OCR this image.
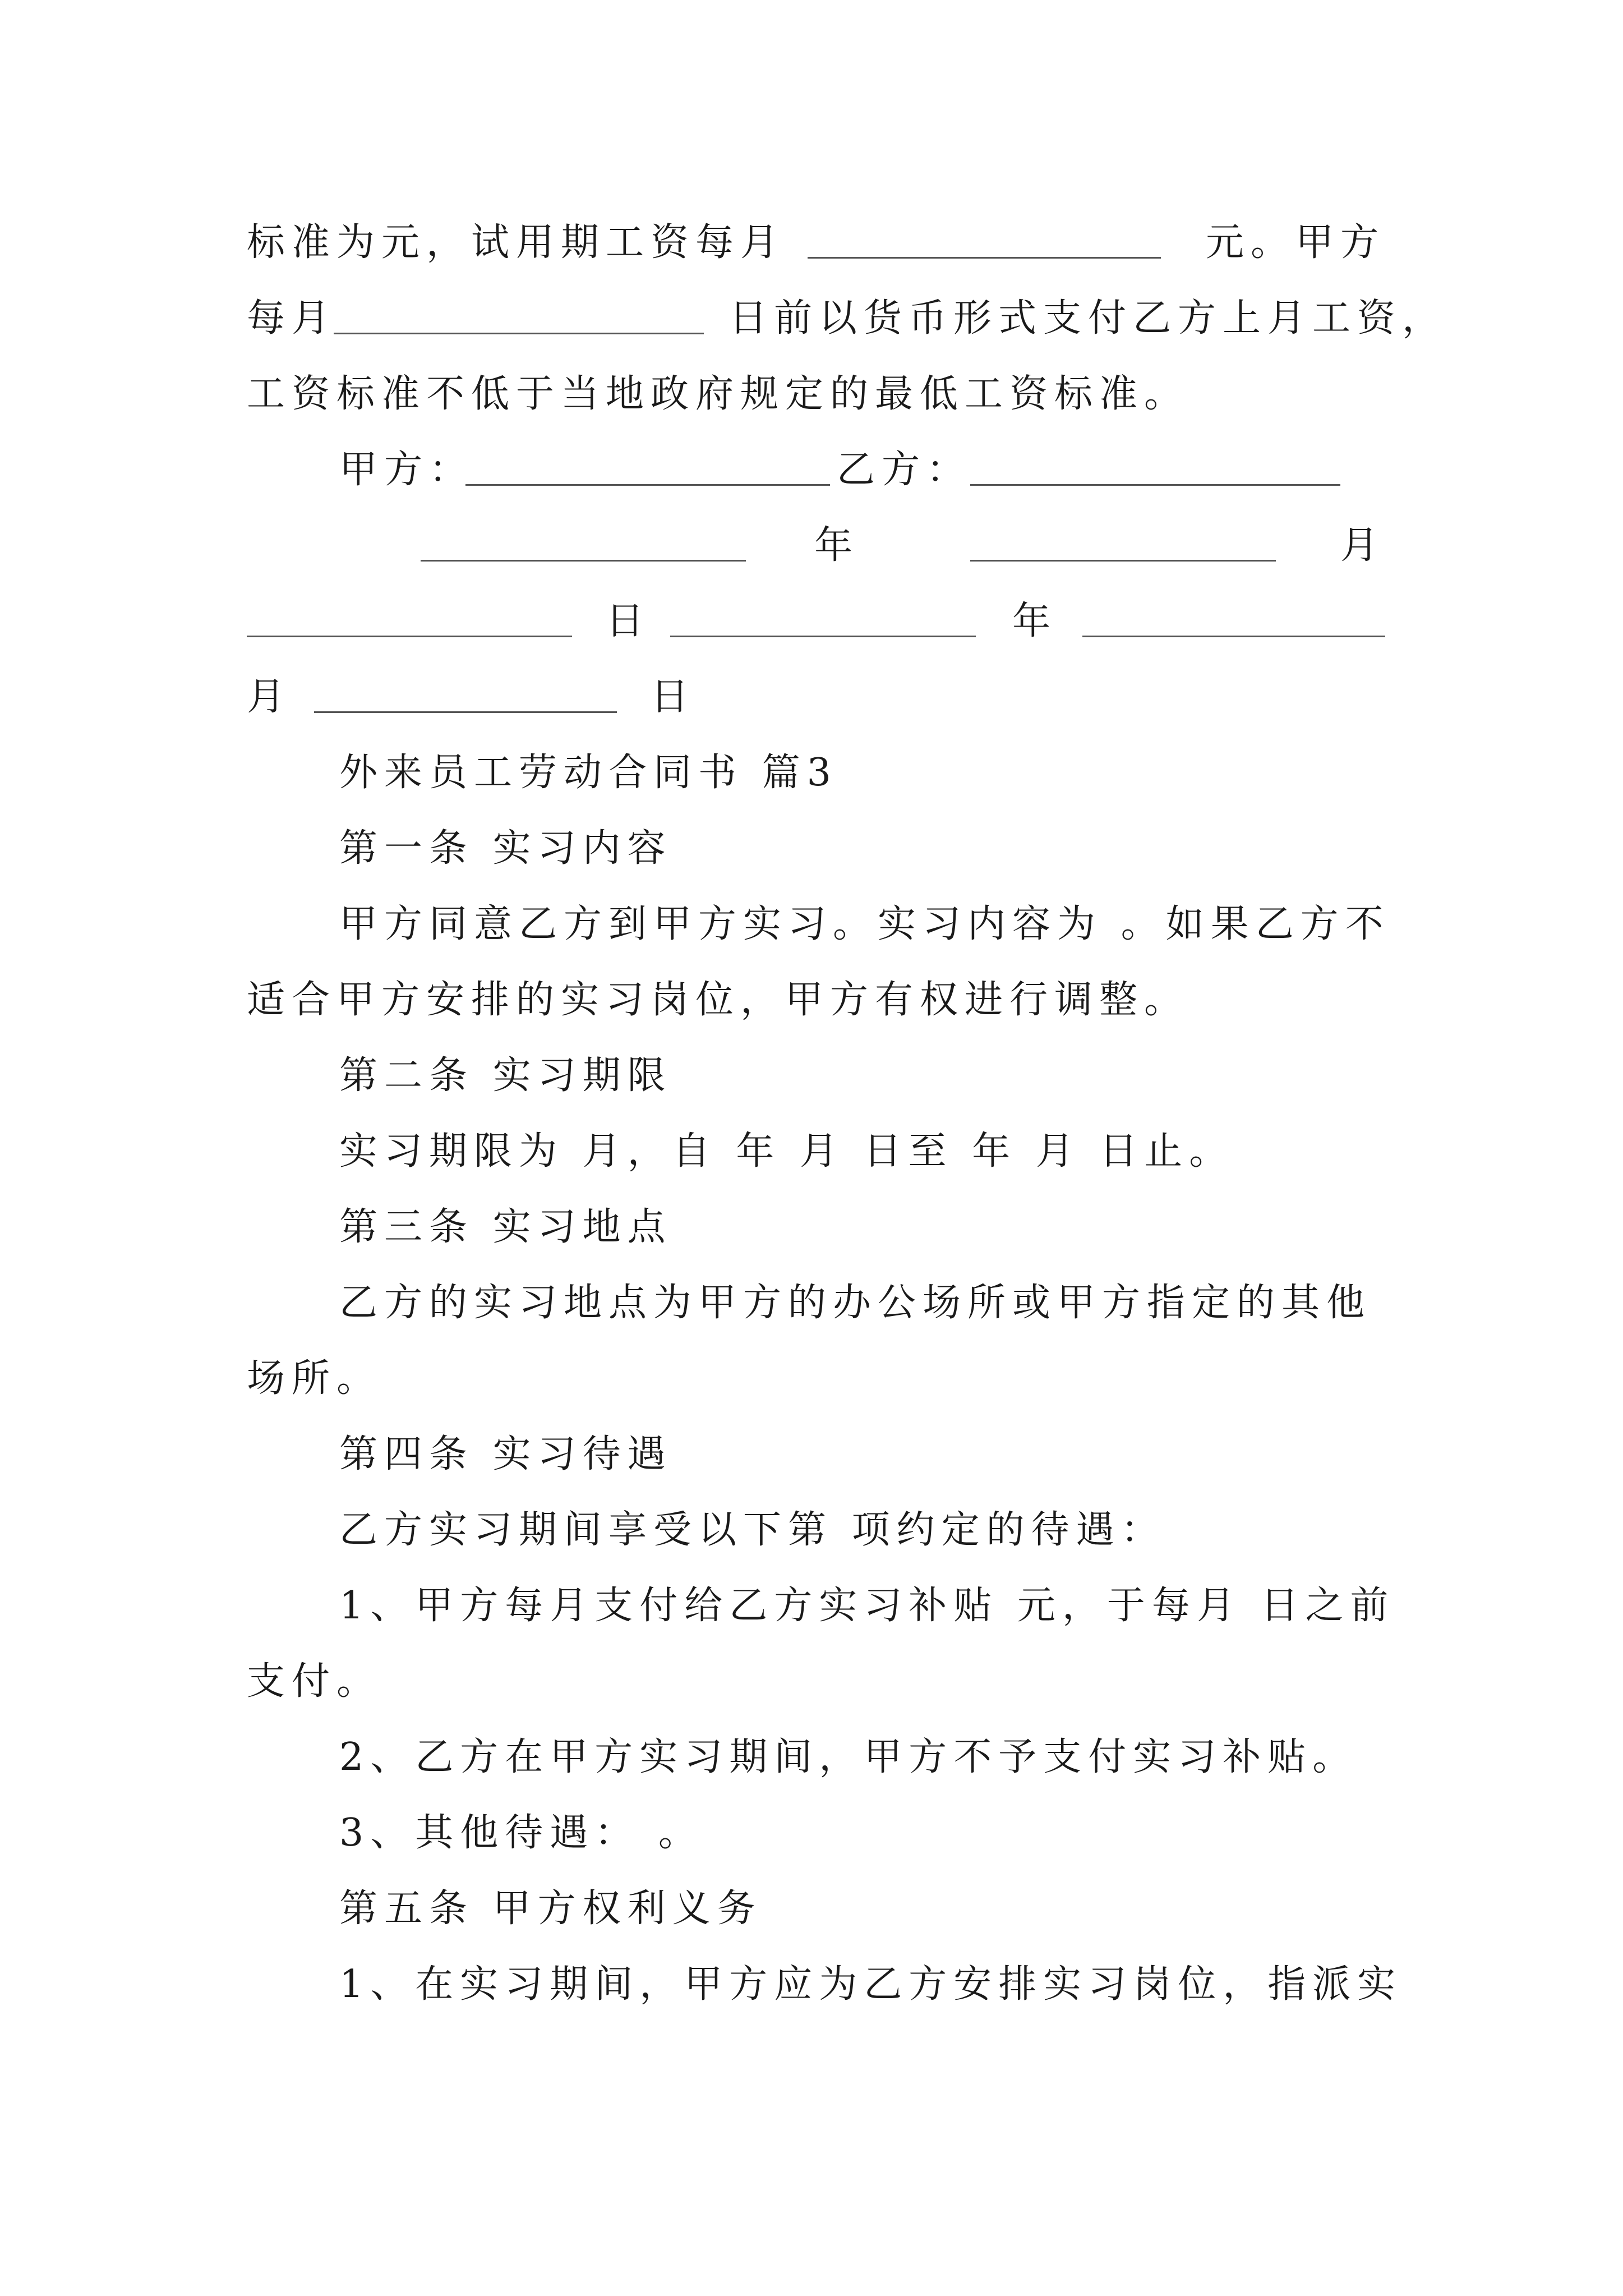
标准为元，试用期工资每月	元。甲方
每月	日前以货币形式支付乙方上月工资，
工资标准不低于当地政府规定的最低工资标准。
甲方：	乙方：
年	月
日	年
月	日
外来员工劳动合同书 篇3
第一条 实习内容
甲方同意乙方到甲方实习。实习内容为 。如果乙方不
适合甲方安排的实习岗位，甲方有权进行调整。
第二条 实习期限
实习期限为 月，自 年 月 日至 年 月 日止。
第三条 实习地点
乙方的实习地点为甲方的办公场所或甲方指定的其他
场所。
第四条 实习待遇
乙方实习期间享受以下第 项约定的待遇：
1、甲方每月支付给乙方实习补贴 元，于每月 日之前
支付。
2、乙方在甲方实习期间，甲方不予支付实习补贴。
3、其他待遇： 。
第五条 甲方权利义务
1、在实习期间，甲方应为乙方安排实习岗位，指派实
